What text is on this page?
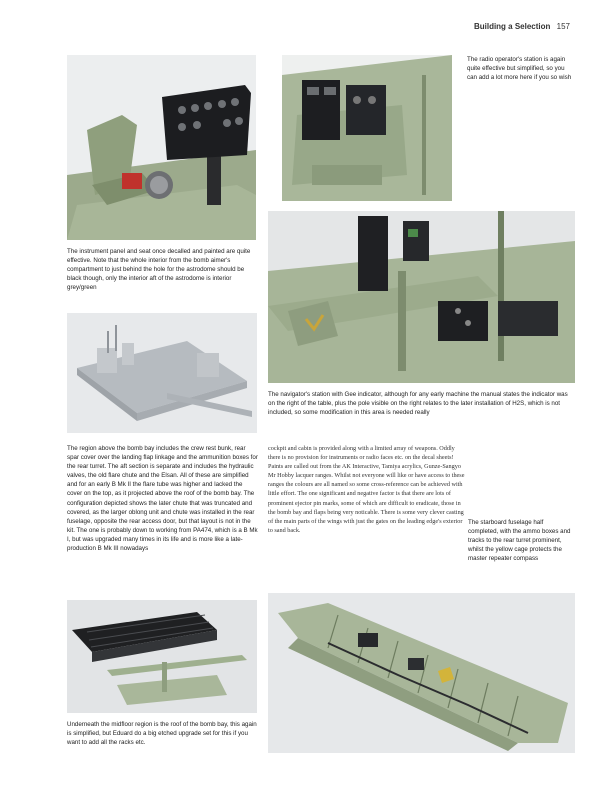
Building a Selection 157
The radio operator's station is again quite effective but simplified, so you can add a lot more here if you so wish
The instrument panel and seat once decalled and painted are quite effective. Note that the whole interior from the bomb aimer's compartment to just behind the hole for the astrodome should be black though, only the interior aft of the astrodome is interior grey/green
The navigator's station with Gee indicator, although for any early machine the manual states the indicator was on the right of the table, plus the pole visible on the right relates to the later installation of H2S, which is not included, so some modification in this area is needed really
The region above the bomb bay includes the crew rest bunk, rear spar cover over the landing flap linkage and the ammunition boxes for the rear turret. The aft section is separate and includes the hydraulic valves, the old flare chute and the Elsan. All of these are simplified and for an early B Mk II the flare tube was higher and lacked the cover on the top, as it projected above the roof of the bomb bay. The configuration depicted shows the later chute that was truncated and covered, as the larger oblong unit and chute was installed in the rear fuselage, opposite the rear access door, but that layout is not in the kit. The one is probably down to working from PA474, which is a B Mk I, but was upgraded many times in its life and is more like a late-production B Mk III nowadays
cockpit and cabin is provided along with a limited array of weapons. Oddly there is no provision for instruments or radio faces etc. on the decal sheets! Paints are called out from the AK Interactive, Tamiya acrylics, Gunze-Sangyo Mr Hobby lacquer ranges. Whilst not everyone will like or have access to these ranges the colours are all named so some cross-reference can be achieved with little effort. The one significant and negative factor is that there are lots of prominent ejector pin marks, some of which are difficult to eradicate, those in the bomb bay and flaps being very noticable. There is some very clever casting of the main parts of the wings with just the gates on the leading edge's exterior to sand back.
The starboard fuselage half completed, with the ammo boxes and tracks to the rear turret prominent, whilst the yellow cage protects the master repeater compass
Underneath the midfloor region is the roof of the bomb bay, this again is simplified, but Eduard do a big etched upgrade set for this if you want to add all the racks etc.
